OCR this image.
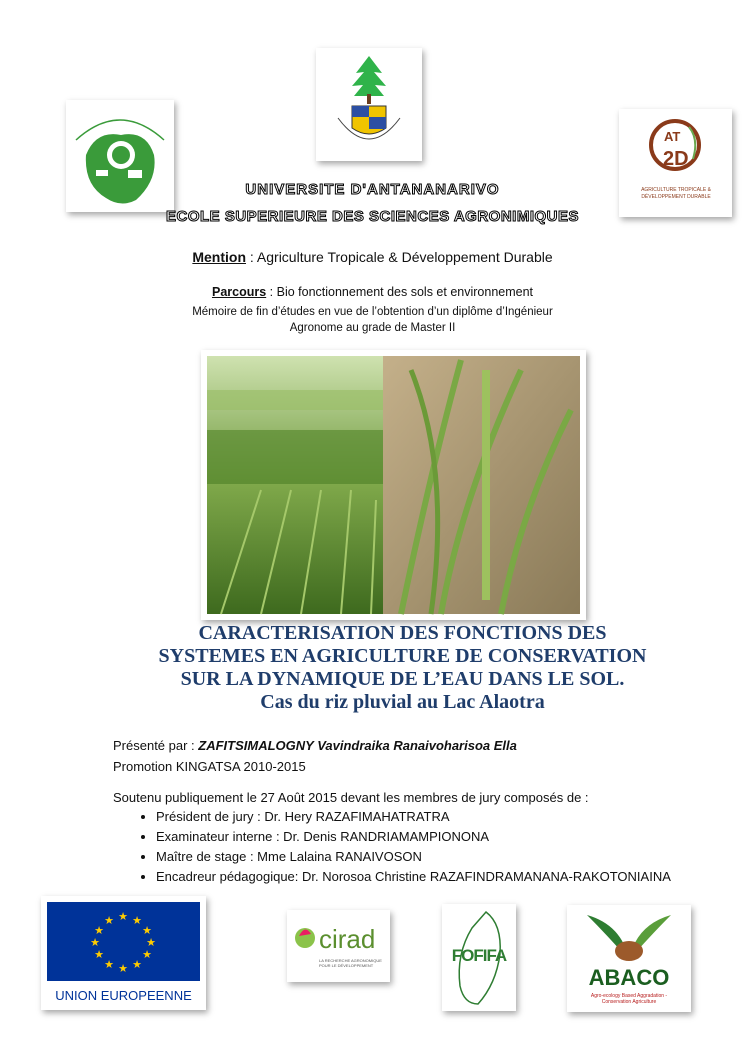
AT
2D
AGRICULTURE TROPICALE & DÉVELOPPEMENT DURABLE
UNIVERSITE D'ANTANANARIVO
ECOLE SUPERIEURE DES SCIENCES AGRONIMIQUES
Mention : Agriculture Tropicale & Développement Durable
Parcours : Bio fonctionnement des sols et environnement
Mémoire de fin d’études en vue de l’obtention d’un diplôme d’Ingénieur
Agronome au grade de Master II
CARACTERISATION DES FONCTIONS DES
SYSTEMES EN AGRICULTURE DE CONSERVATION
SUR LA DYNAMIQUE DE L’EAU DANS LE SOL.
Cas du riz pluvial au Lac Alaotra
Présenté par : ZAFITSIMALOGNY Vavindraika Ranaivoharisoa Ella
Promotion KINGATSA 2010-2015
Soutenu publiquement le 27 Août 2015 devant les membres de jury composés de :
• Président de jury : Dr. Hery RAZAFIMAHATRATRA
• Examinateur interne : Dr. Denis RANDRIAMAMPIONONA
• Maître de stage : Mme Lalaina RANAIVOSON
• Encadreur pédagogique: Dr. Norosoa Christine RAZAFINDRAMANANA-RAKOTONIAINA
★ ★
★
★
★
★
★
★
★
★
★
★
UNION EUROPEENNE
cirad
LA RECHERCHE AGRONOMIQUE POUR LE DÉVELOPPEMENT
FOFIFA
ABACO
Agro-ecology Based Aggradation - Conservation Agriculture
